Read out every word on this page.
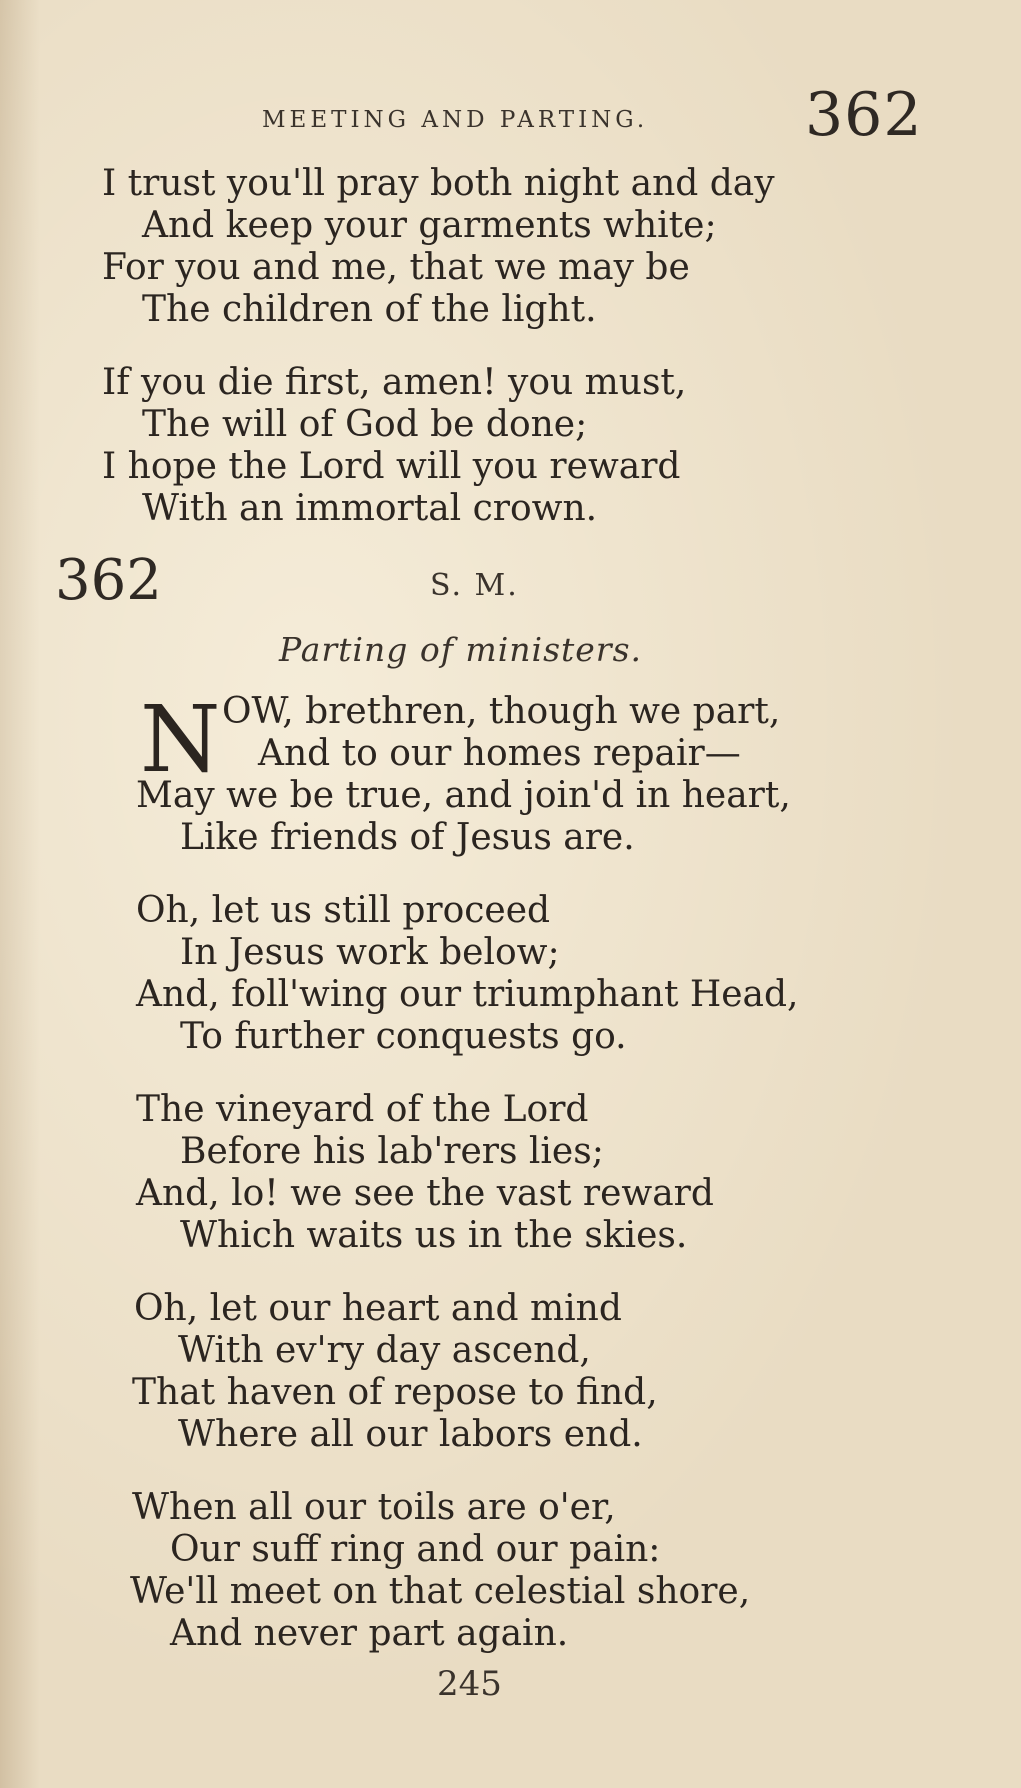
MEETING AND PARTING.	362
I trust you'll pray both night and day
And keep your garments white;
For you and me, that we may be
The children of the light.
If you die first, amen! you must,
The will of God be done;
I hope the Lord will you reward
With an immortal crown.
362	S. M.
Parting of ministers.
N OW, brethren, though we part,
And to our homes repair—
May we be true, and join'd in heart,
Like friends of Jesus are.
Oh, let us still proceed
In Jesus work below;
And, foll'wing our triumphant Head,
To further conquests go.
The vineyard of the Lord
Before his lab'rers lies;
And, lo! we see the vast reward
Which waits us in the skies.
Oh, let our heart and mind
With ev'ry day ascend,
That haven of repose to find,
Where all our labors end.
When all our toils are o'er,
Our suff ring and our pain:
We'll meet on that celestial shore,
And never part again.
245
